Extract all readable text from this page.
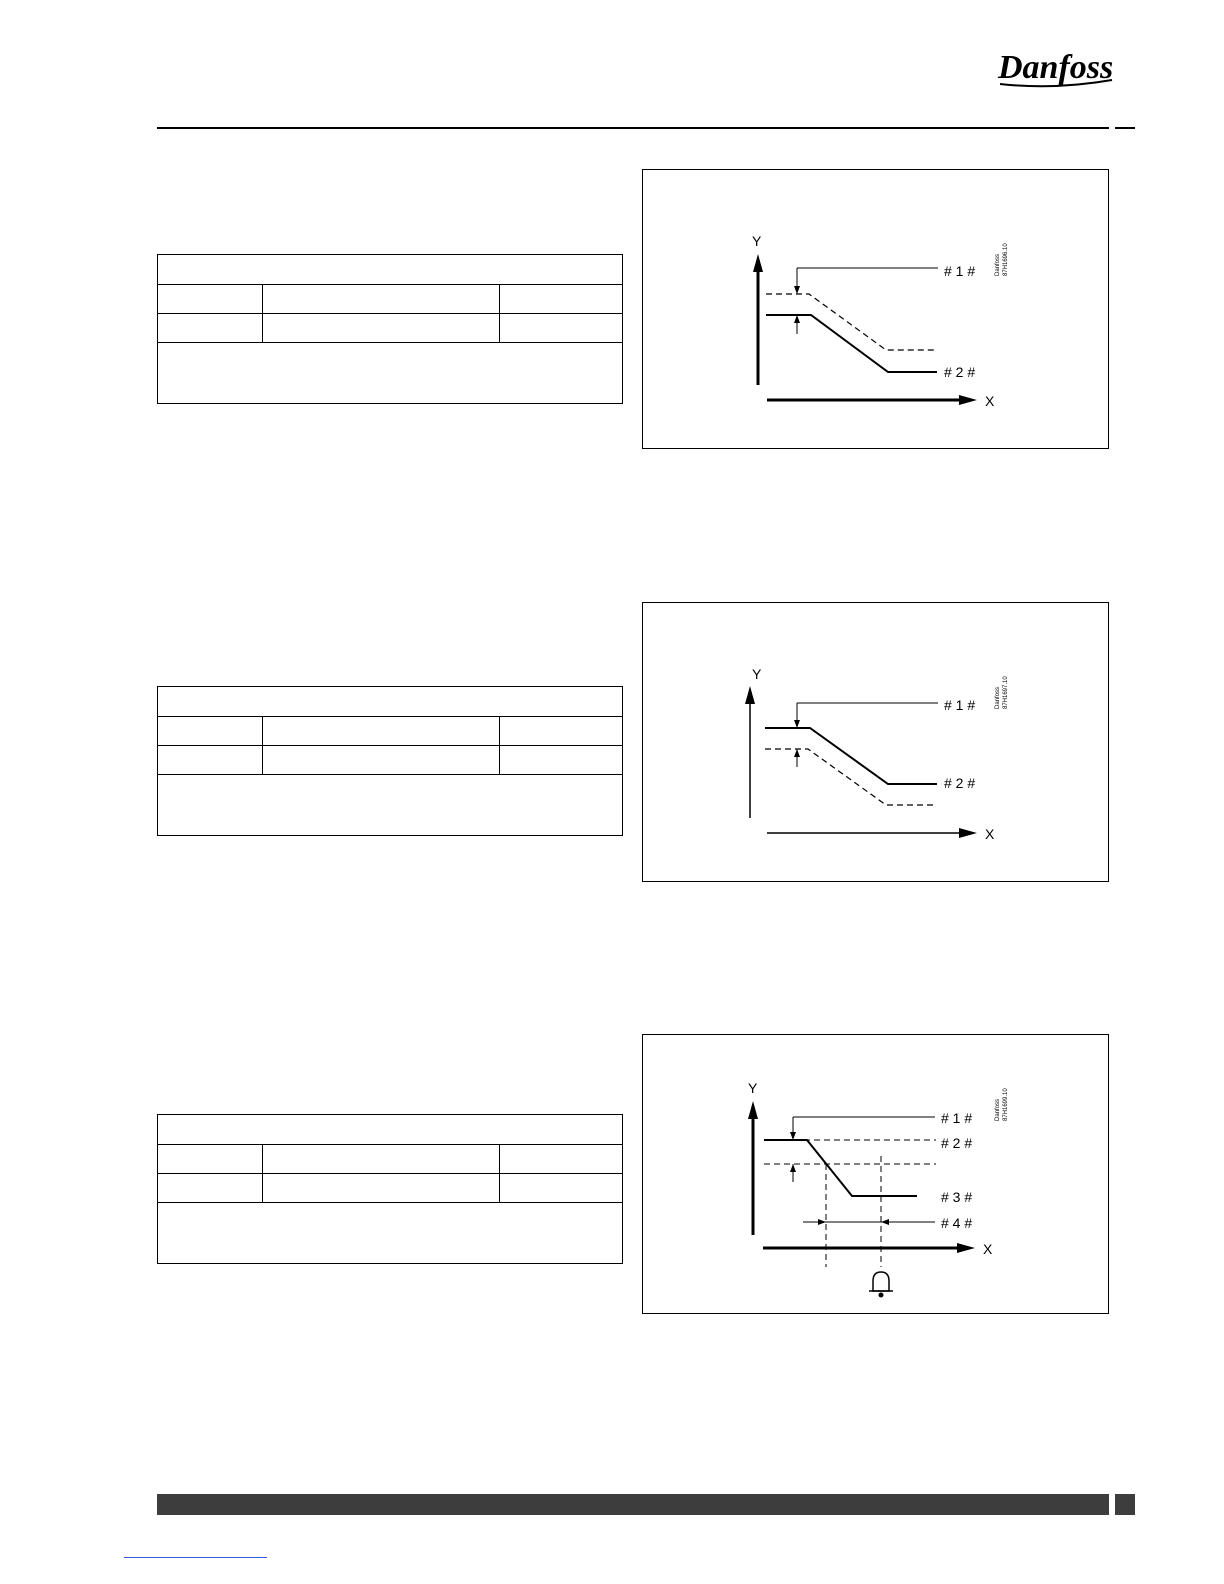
Danfoss
Y
X
# 1 #
# 2 #
Danfoss 87H1696.10
Y
X
# 1 #
# 2 #
Danfoss 87H1697.10
Y
X
# 1 #
# 2 #
# 3 #
# 4 #
Danfoss 87H1699.10
